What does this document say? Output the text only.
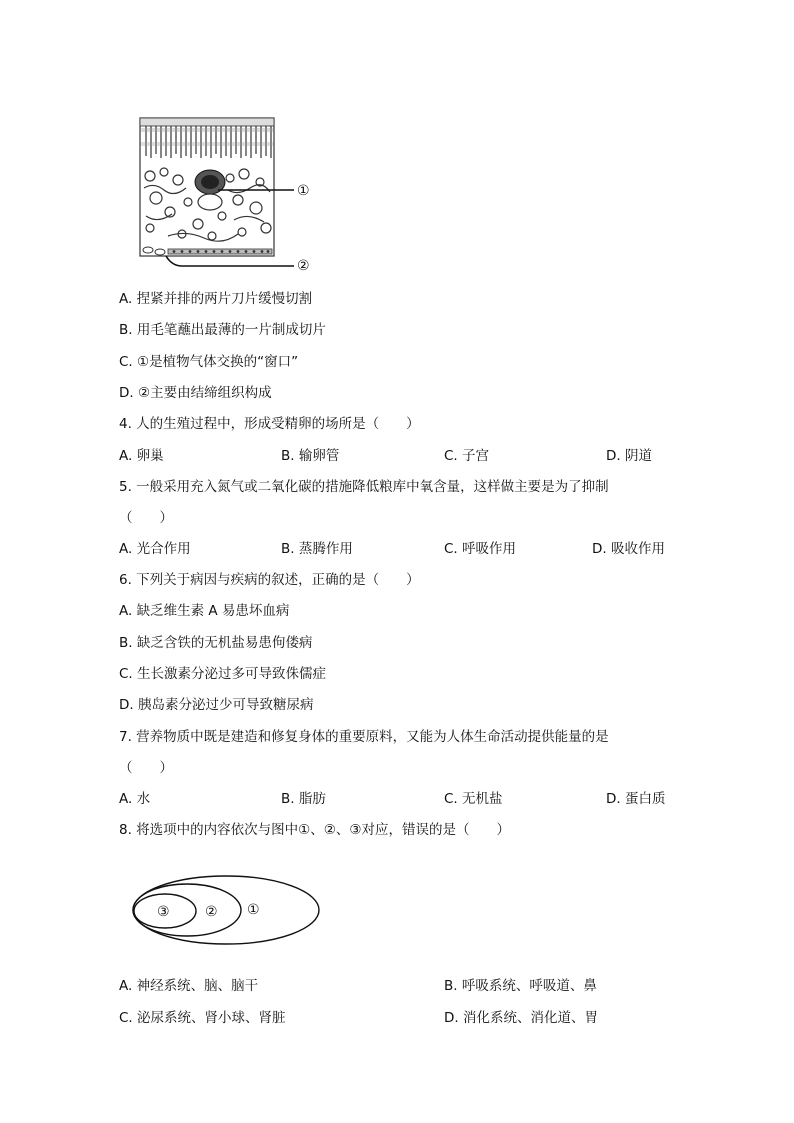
①
②
A. 捏紧并排的两片刀片缓慢切割
B. 用毛笔蘸出最薄的一片制成切片
C. ①是植物气体交换的“窗口”
D. ②主要由结缔组织构成
4. 人的生殖过程中，形成受精卵的场所是（　　）
A. 卵巢	B. 输卵管	C. 子宫	D. 阴道
5. 一般采用充入氮气或二氧化碳的措施降低粮库中氧含量，这样做主要是为了抑制
（　　）
A. 光合作用	B. 蒸腾作用	C. 呼吸作用	D. 吸收作用
6. 下列关于病因与疾病的叙述，正确的是（　　）
A. 缺乏维生素 A 易患坏血病
B. 缺乏含铁的无机盐易患佝偻病
C. 生长激素分泌过多可导致侏儒症
D. 胰岛素分泌过少可导致糖尿病
7. 营养物质中既是建造和修复身体的重要原料，又能为人体生命活动提供能量的是
（　　）
A. 水	B. 脂肪	C. 无机盐	D. 蛋白质
8. 将选项中的内容依次与图中①、②、③对应，错误的是（　　）
①
②
③
A. 神经系统、脑、脑干	B. 呼吸系统、呼吸道、鼻
C. 泌尿系统、肾小球、肾脏	D. 消化系统、消化道、胃
